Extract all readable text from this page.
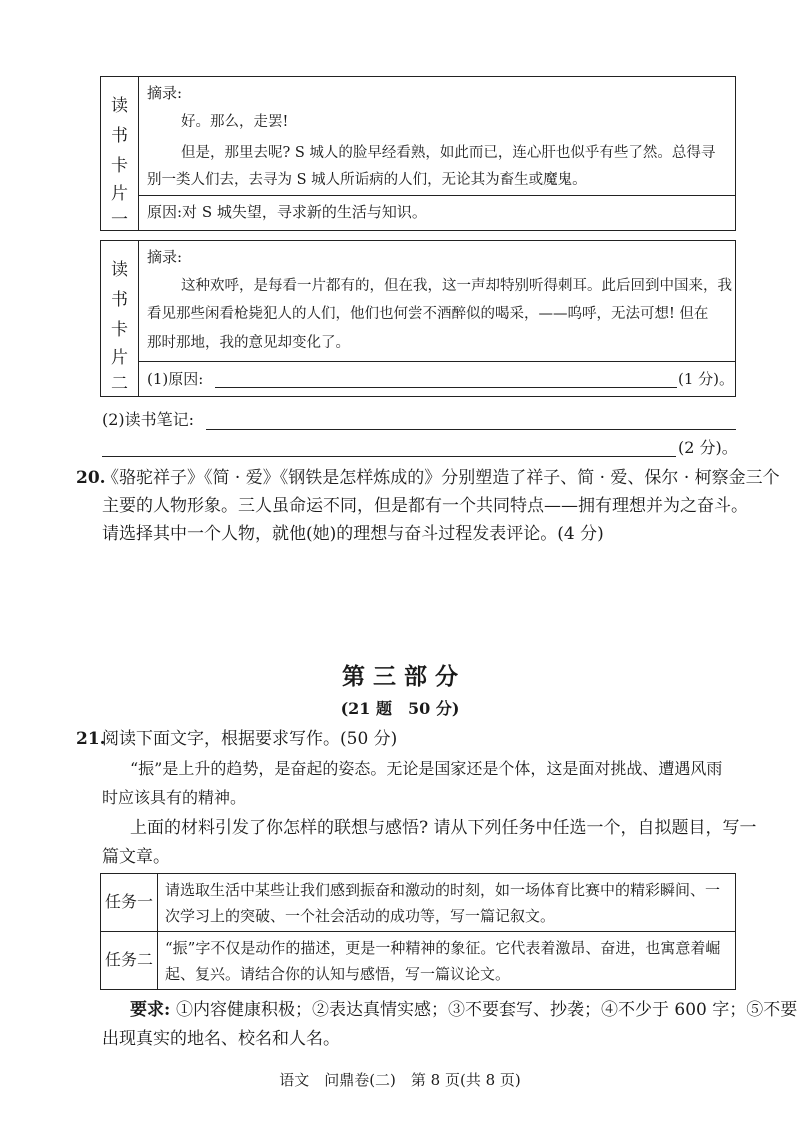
读
书
卡
片
一
摘录:
好。那么，走罢!
但是，那里去呢? S 城人的脸早经看熟，如此而已，连心肝也似乎有些了然。总得寻
别一类人们去，去寻为 S 城人所诟病的人们，无论其为畜生或魔鬼。
原因:对 S 城失望，寻求新的生活与知识。
读
书
卡
片
二
摘录:
这种欢呼，是每看一片都有的，但在我，这一声却特别听得刺耳。此后回到中国来，我
看见那些闲看枪毙犯人的人们，他们也何尝不酒醉似的喝采，——呜呼，无法可想! 但在
那时那地，我的意见却变化了。
(1)原因:	(1 分)。
(2)读书笔记:
(2 分)。
20.
《骆驼祥子》《简 · 爱》《钢铁是怎样炼成的》分别塑造了祥子、简 · 爱、保尔 · 柯察金三个
主要的人物形象。三人虽命运不同，但是都有一个共同特点——拥有理想并为之奋斗。
请选择其中一个人物，就他(她)的理想与奋斗过程发表评论。(4 分)
第 三 部 分
(21 题　50 分)
21.
阅读下面文字，根据要求写作。(50 分)
“振”是上升的趋势，是奋起的姿态。无论是国家还是个体，这是面对挑战、遭遇风雨
时应该具有的精神。
上面的材料引发了你怎样的联想与感悟? 请从下列任务中任选一个，自拟题目，写一
篇文章。
任务一
请选取生活中某些让我们感到振奋和激动的时刻，如一场体育比赛中的精彩瞬间、一
次学习上的突破、一个社会活动的成功等，写一篇记叙文。
任务二
“振”字不仅是动作的描述，更是一种精神的象征。它代表着激昂、奋进，也寓意着崛
起、复兴。请结合你的认知与感悟，写一篇议论文。
要求: ①内容健康积极；②表达真情实感；③不要套写、抄袭；④不少于 600 字；⑤不要
出现真实的地名、校名和人名。
语文　问鼎卷(二)　第 8 页(共 8 页)
